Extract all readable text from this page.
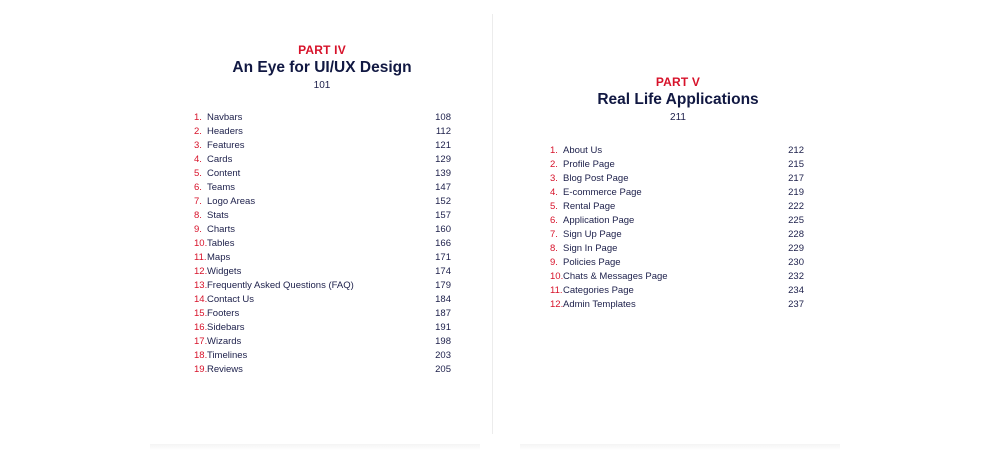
PART IV
An Eye for UI/UX Design
101
1. Navbars	108
2. Headers	112
3. Features	121
4. Cards	129
5. Content	139
6. Teams	147
7. Logo Areas	152
8. Stats	157
9. Charts	160
10. Tables	166
11. Maps	171
12. Widgets	174
13. Frequently Asked Questions (FAQ)	179
14. Contact Us	184
15. Footers	187
16. Sidebars	191
17. Wizards	198
18. Timelines	203
19. Reviews	205
PART V
Real Life Applications
211
1. About Us	212
2. Profile Page	215
3. Blog Post Page	217
4. E-commerce Page	219
5. Rental Page	222
6. Application Page	225
7. Sign Up Page	228
8. Sign In Page	229
9. Policies Page	230
10. Chats & Messages Page	232
11. Categories Page	234
12. Admin Templates	237
